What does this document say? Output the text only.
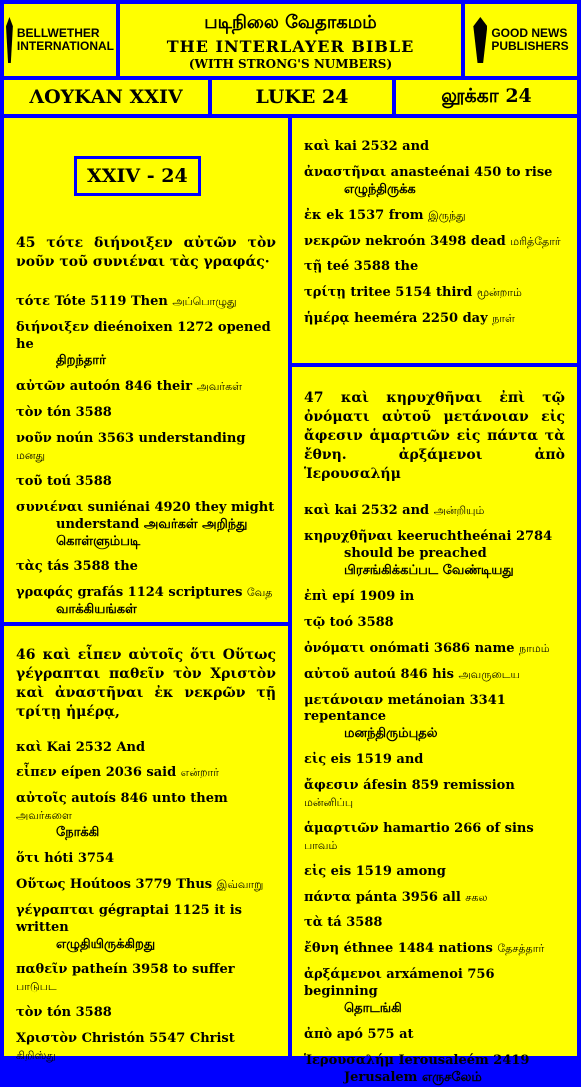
BELLWETHER
INTERNATIONAL
படிநிலை வேதாகமம்
THE INTERLAYER BIBLE
(WITH STRONG'S NUMBERS)
GOOD NEWS
PUBLISHERS
ΛΟΥΚΑΝ XXIV	LUKE 24	லூக்கா 24
XXIV - 24
45 τότε διήνοιξεν αὐτῶν τὸν νοῦν τοῦ συνιέναι τὰς γραφάς·
τότε Tóte 5119 Then அப்பொழுது
διήνοιξεν dieénoixen 1272 opened he
திறந்தார்
αὐτῶν autoón 846 their அவர்கள்
τὸν tón 3588
νοῦν noún 3563 understanding மனது
τοῦ toú 3588
συνιέναι suniénai 4920 they might
understand அவர்கள் அறிந்து கொள்ளும்படி
τὰς tás 3588 the
γραφάς grafás 1124 scriptures வேத
வாக்கியங்கள்
καὶ kai 2532 and
ἀναστῆναι anasteénai 450 to rise
எழுந்திருக்க
ἐκ ek 1537 from இருந்து
νεκρῶν nekroón 3498 dead மரித்தோர்
τῇ teé 3588 the
τρίτῃ tritee 5154 third மூன்றாம்
ἡμέρᾳ heeméra 2250 day நாள்
46 καὶ εἶπεν αὐτοῖς ὅτι Οὕτως γέγραπται παθεῖν τὸν Χριστὸν καὶ ἀναστῆναι ἐκ νεκρῶν τῇ τρίτῃ ἡμέρᾳ,
καὶ Kai 2532 And
εἶπεν eípen 2036 said என்றார்
αὐτοῖς autoís 846 unto them அவர்களை
நோக்கி
ὅτι hóti 3754
Οὕτως Hoútoos 3779 Thus இவ்வாறு
γέγραπται gégraptai 1125 it is written
எழுதியிருக்கிறது
παθεῖν patheín 3958 to suffer பாடுபட
τὸν tón 3588
Χριστὸν Christón 5547 Christ கிறிஸ்து
47 καὶ κηρυχθῆναι ἐπὶ τῷ ὀνόματι αὐτοῦ μετάνοιαν εἰς ἄφεσιν ἁμαρτιῶν εἰς πάντα τὰ ἔθνη. ἀρξάμενοι ἀπὸ Ἱερουσαλήμ
καὶ kai 2532 and அன்றியும்
κηρυχθῆναι keeruchtheénai 2784
should be preached பிரசங்கிக்கப்பட வேண்டியது
ἐπὶ epí 1909 in
τῷ toó 3588
ὀνόματι onómati 3686 name நாமம்
αὐτοῦ autoú 846 his அவருடைய
μετάνοιαν metánoian 3341 repentance
மனந்திரும்புதல்
εἰς eis 1519 and
ἄφεσιν áfesin 859 remission மன்னிப்பு
ἁμαρτιῶν hamartio 266 of sins பாவம்
εἰς eis 1519 among
πάντα pánta 3956 all சகல
τὰ tá 3588
ἔθνη éthnee 1484 nations தேசத்தார்
ἀρξάμενοι arxámenoi 756 beginning
தொடங்கி
ἀπὸ apó 575 at
Ἱερουσαλήμ Ierousaleém 2419
Jerusalem எருசலேம்
